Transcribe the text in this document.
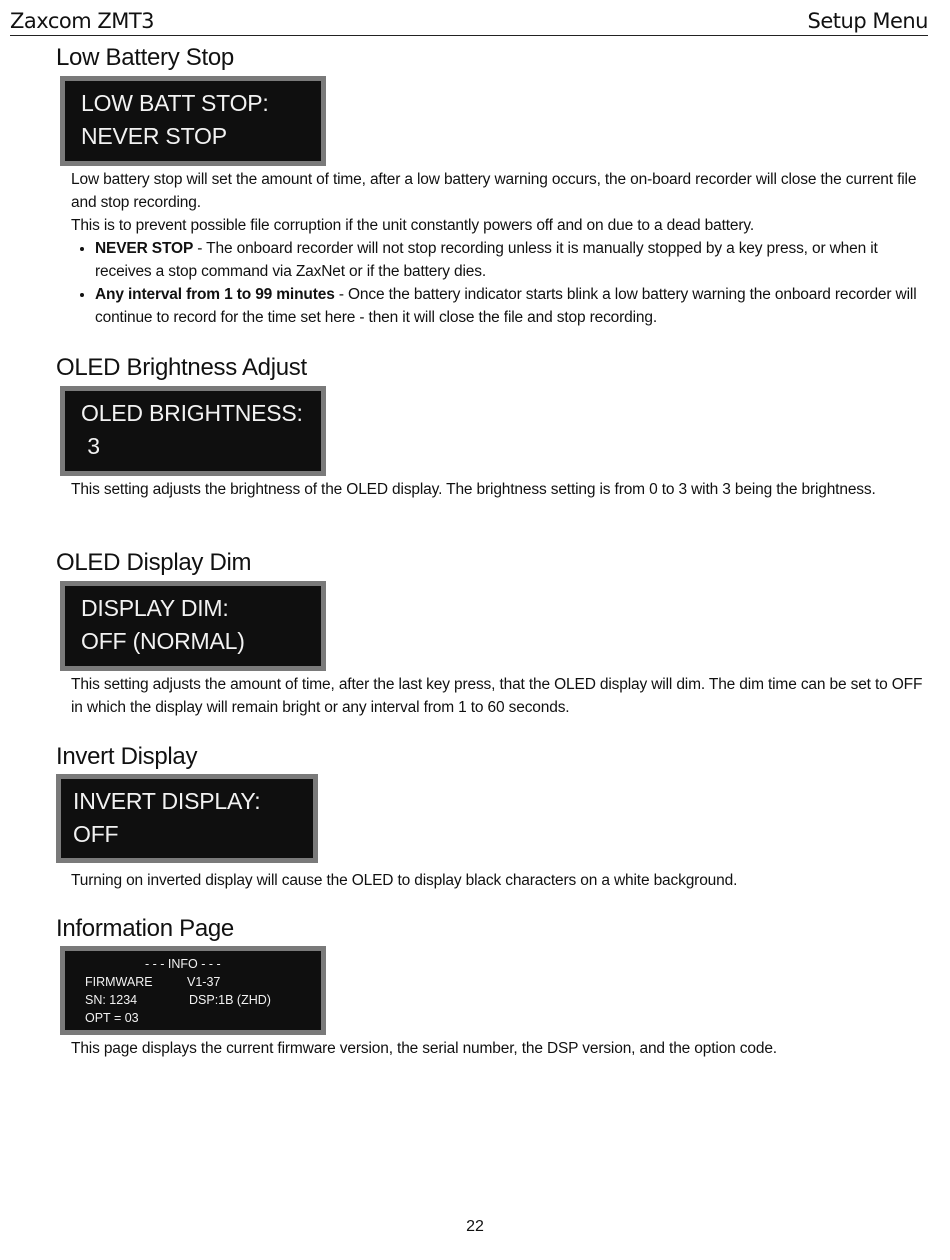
Zaxcom ZMT3	Setup Menu
Low Battery Stop
LOW BATT STOP:
NEVER STOP

Low battery stop will set the amount of time, after a low battery warning occurs, the on-board recorder will close the current file and stop recording.

This is to prevent possible file corruption if the unit constantly powers off and on due to a dead battery.

• NEVER STOP - The onboard recorder will not stop recording unless it is manually stopped by a key press, or when it receives a stop command via ZaxNet or if the battery dies.
• Any interval from 1 to 99 minutes - Once the battery indicator starts blink a low battery warning the onboard recorder will continue to record for the time set here - then it will close the file and stop recording.
OLED Brightness Adjust
OLED BRIGHTNESS:
3

This setting adjusts the brightness of the OLED display. The brightness setting is from 0 to 3 with 3 being the brightness.

OLED Display Dim
DISPLAY DIM:
OFF (NORMAL)

This setting adjusts the amount of time, after the last key press, that the OLED display will dim. The dim time can be set to OFF in which the display will remain bright or any interval from 1 to 60 seconds.

Invert Display
INVERT DISPLAY:
OFF

Turning on inverted display will cause the OLED to display black characters on a white background.

Information Page
- - - INFO - - -
FIRMWARE	V1-37
SN: 1234	DSP:1B (ZHD)
OPT = 03

This page displays the current firmware version, the serial number, the DSP version, and the option code.

22
